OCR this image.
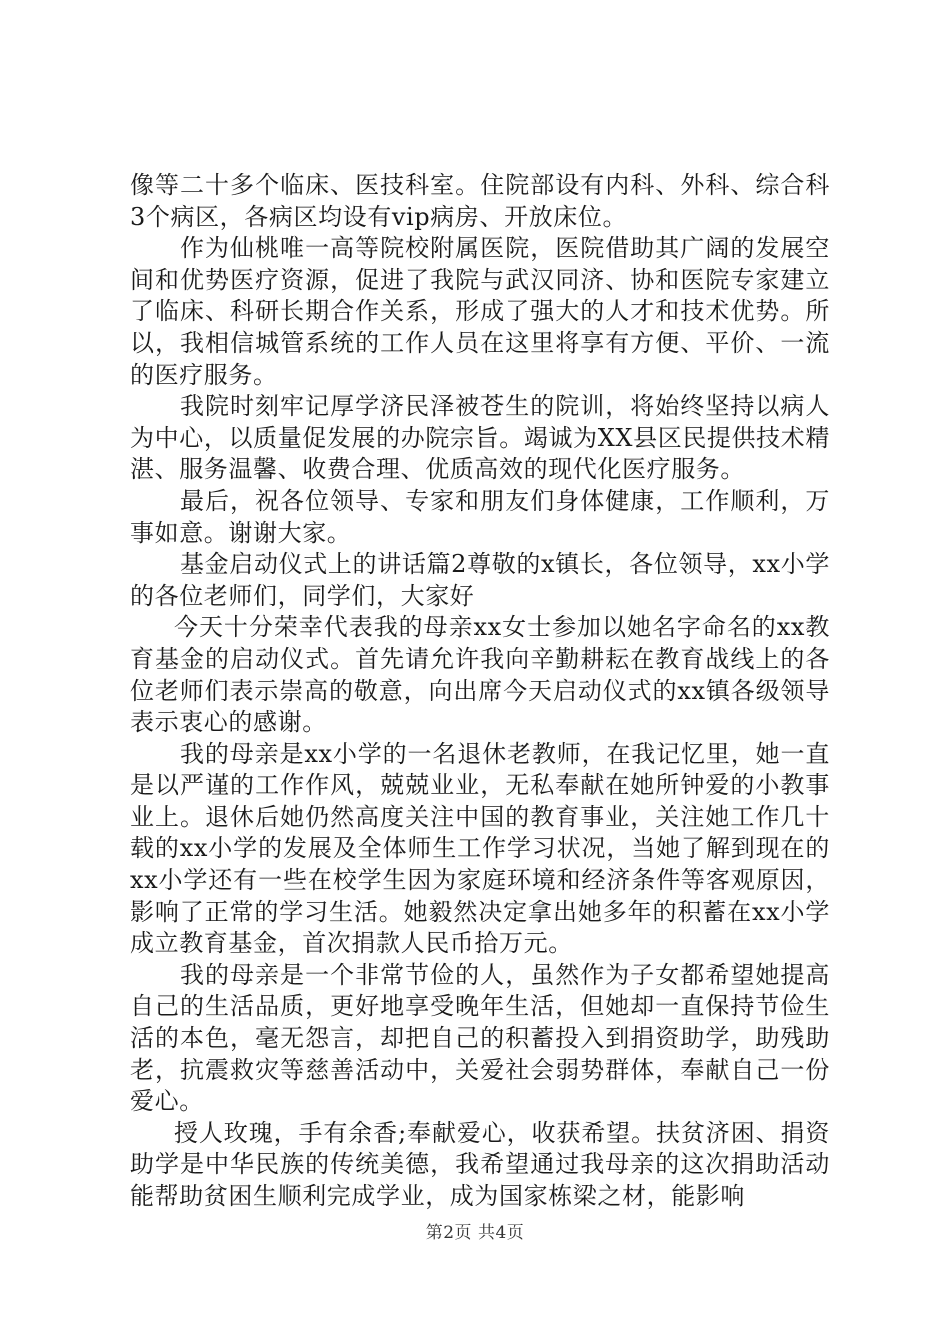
像等二十多个临床、医技科室。住院部设有内科、外科、综合科3个病区，各病区均设有vip病房、开放床位。

作为仙桃唯一高等院校附属医院，医院借助其广阔的发展空间和优势医疗资源，促进了我院与武汉同济、协和医院专家建立了临床、科研长期合作关系，形成了强大的人才和技术优势。所以，我相信城管系统的工作人员在这里将享有方便、平价、一流的医疗服务。

我院时刻牢记厚学济民泽被苍生的院训，将始终坚持以病人为中心，以质量促发展的办院宗旨。竭诚为XX县区民提供技术精湛、服务温馨、收费合理、优质高效的现代化医疗服务。

最后，祝各位领导、专家和朋友们身体健康，工作顺利，万事如意。谢谢大家。

基金启动仪式上的讲话篇2尊敬的x镇长，各位领导，xx小学的各位老师们，同学们，大家好

今天十分荣幸代表我的母亲xx女士参加以她名字命名的xx教育基金的启动仪式。首先请允许我向辛勤耕耘在教育战线上的各位老师们表示崇高的敬意，向出席今天启动仪式的xx镇各级领导表示衷心的感谢。

我的母亲是xx小学的一名退休老教师，在我记忆里，她一直是以严谨的工作作风，兢兢业业，无私奉献在她所钟爱的小教事业上。退休后她仍然高度关注中国的教育事业，关注她工作几十载的xx小学的发展及全体师生工作学习状况，当她了解到现在的xx小学还有一些在校学生因为家庭环境和经济条件等客观原因，影响了正常的学习生活。她毅然决定拿出她多年的积蓄在xx小学成立教育基金，首次捐款人民币拾万元。

我的母亲是一个非常节俭的人，虽然作为子女都希望她提高自己的生活品质，更好地享受晚年生活，但她却一直保持节俭生活的本色，毫无怨言，却把自己的积蓄投入到捐资助学，助残助老，抗震救灾等慈善活动中，关爱社会弱势群体，奉献自己一份爱心。

授人玫瑰，手有余香;奉献爱心，收获希望。扶贫济困、捐资助学是中华民族的传统美德，我希望通过我母亲的这次捐助活动能帮助贫困生顺利完成学业，成为国家栋梁之材，能影响

第2页 共4页
